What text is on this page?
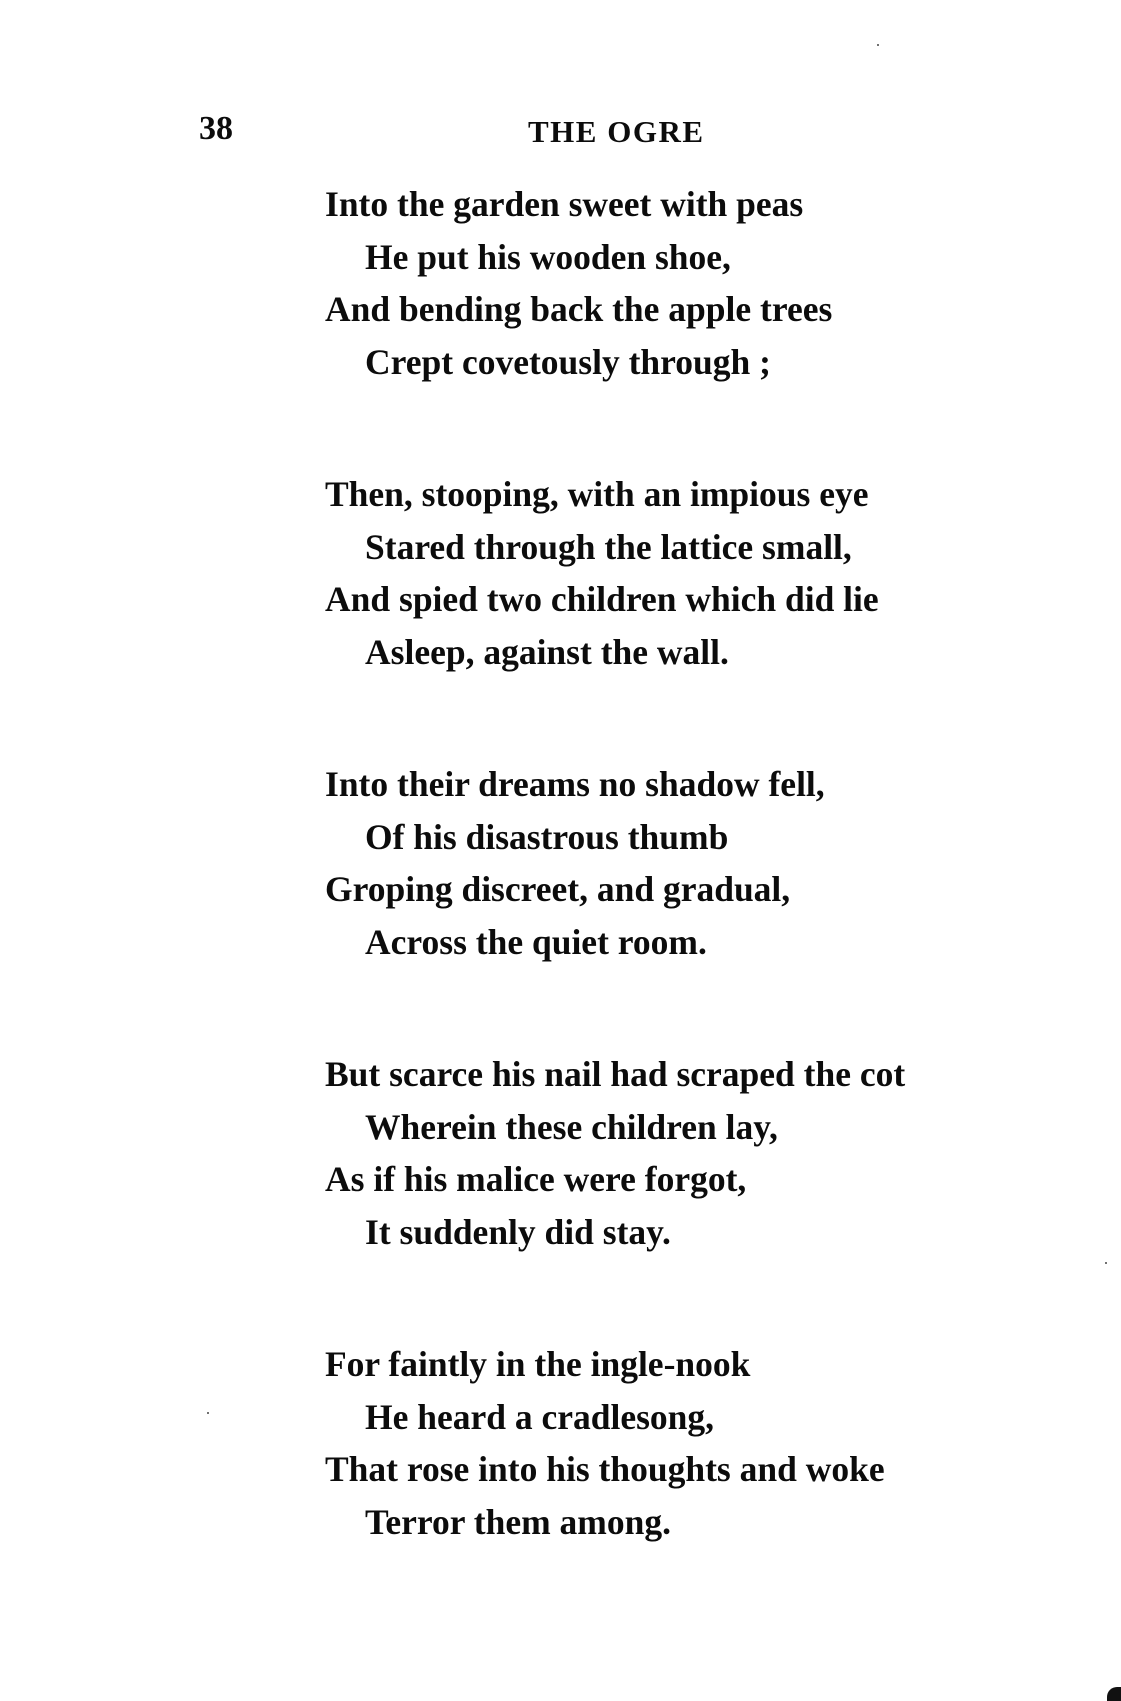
38	THE OGRE
Into the garden sweet with peas
He put his wooden shoe,
And bending back the apple trees
Crept covetously through ;
Then, stooping, with an impious eye
Stared through the lattice small,
And spied two children which did lie
Asleep, against the wall.
Into their dreams no shadow fell,
Of his disastrous thumb
Groping discreet, and gradual,
Across the quiet room.
But scarce his nail had scraped the cot
Wherein these children lay,
As if his malice were forgot,
It suddenly did stay.
For faintly in the ingle-nook
He heard a cradlesong,
That rose into his thoughts and woke
Terror them among.
